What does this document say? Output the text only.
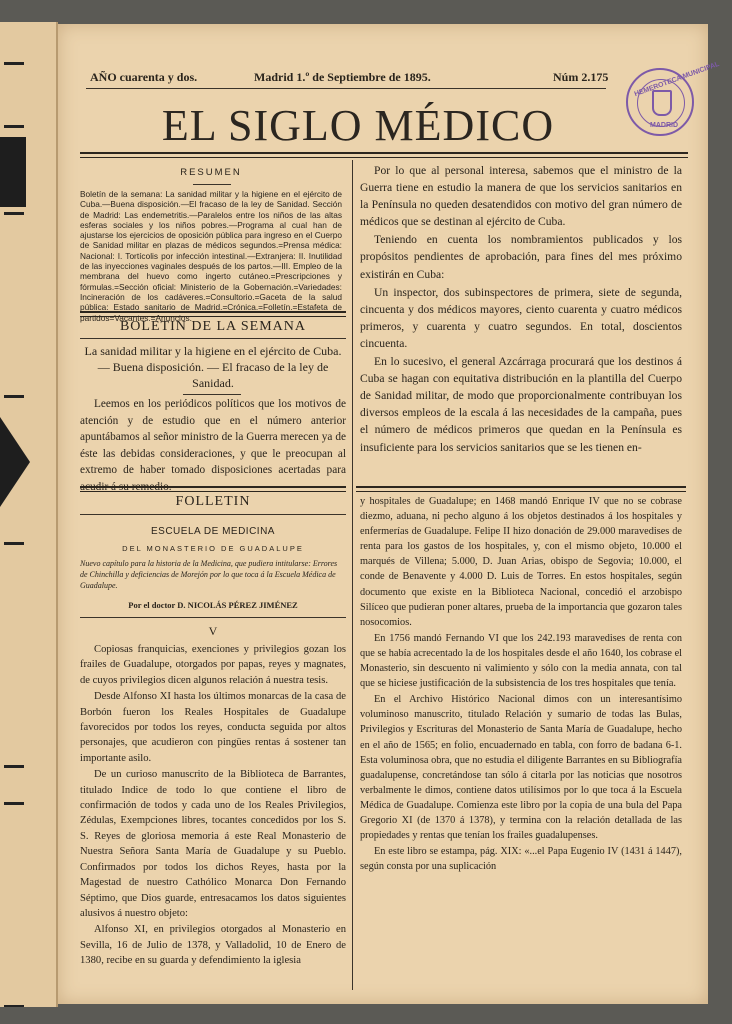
AÑO cuarenta y dos.	Madrid 1.º de Septiembre de 1895.	Núm 2.175
EL SIGLO MÉDICO
HEMEROTECA MUNICIPAL
MADRID
RESUMEN
Boletín de la semana: La sanidad militar y la higiene en el ejército de Cuba.—Buena disposición.—El fracaso de la ley de Sanidad. Sección de Madrid: Las endemetritis.—Paralelos entre los niños de las altas esferas sociales y los niños pobres.—Programa al cual han de ajustarse los ejercicios de oposición pública para ingreso en el Cuerpo de Sanidad militar en plazas de médicos segundos.=Prensa médica: Nacional: I. Tortícolis por infección intestinal.—Extranjera: II. Inutilidad de las inyecciones vaginales después de los partos.—III. Empleo de la membrana del huevo como ingerto cutáneo.=Prescripciones y fórmulas.=Sección oficial: Ministerio de la Gobernación.=Variedades: Incineración de los cadáveres.=Consultorio.=Gaceta de la salud pública: Estado sanitario de Madrid.=Crónica.=Folletín.=Estafeta de partidos=Vacantes.=Anuncios.
BOLETIN DE LA SEMANA
La sanidad militar y la higiene en el ejército de Cuba. — Buena disposición. — El fracaso de la ley de Sanidad.

Leemos en los periódicos políticos que los motivos de atención y de estudio que en el número anterior apuntábamos al señor ministro de la Guerra merecen ya de éste las debidas consideraciones, y que le preocupan al extremo de haber tomado disposiciones acertadas para acudir á su remedio.

FOLLETIN
ESCUELA DE MEDICINA
DEL MONASTERIO DE GUADALUPE
Nuevo capítulo para la historia de la Medicina, que pudiera intitularse: Errores de Chinchilla y deficiencias de Morejón por lo que toca á la Escuela Médica de Guadalupe.
Por el doctor D. NICOLÁS PÉREZ JIMÉNEZ
V

Copiosas franquicias, exenciones y privilegios gozan los frailes de Guadalupe, otorgados por papas, reyes y magnates, de cuyos privilegios dicen algunos relación á nuestra tesis.

Desde Alfonso XI hasta los últimos monarcas de la casa de Borbón fueron los Reales Hospitales de Guadalupe favorecidos por todos los reyes, conducta seguida por altos personajes, que acudieron con pingües rentas á sostener tan importante asilo.

De un curioso manuscrito de la Biblioteca de Barrantes, titulado Indice de todo lo que contiene el libro de confirmación de todos y cada uno de los Reales Privilegios, Zédulas, Exempciones libres, tocantes concedidos por los S. S. Reyes de gloriosa memoria á este Real Monasterio de Nuestra Señora Santa María de Guadalupe y su Pueblo. Confirmados por todos los dichos Reyes, hasta por la Magestad de nuestro Cathólico Monarca Don Fernando Séptimo, que Dios guarde, entresacamos los datos siguientes alusivos á nuestro objeto:

Alfonso XI, en privilegios otorgados al Monasterio en Sevilla, 16 de Julio de 1378, y Valladolid, 10 de Enero de 1380, recibe en su guarda y defendimiento la iglesia

Por lo que al personal interesa, sabemos que el ministro de la Guerra tiene en estudio la manera de que los servicios sanitarios en la Península no queden desatendidos con motivo del gran número de médicos que se destinan al ejército de Cuba.

Teniendo en cuenta los nombramientos publicados y los propósitos pendientes de aprobación, para fines del mes próximo existirán en Cuba:

Un inspector, dos subinspectores de primera, siete de segunda, cincuenta y dos médicos mayores, ciento cuarenta y cuatro médicos primeros, y cuarenta y cuatro segundos. En total, doscientos cincuenta.

En lo sucesivo, el general Azcárraga procurará que los destinos á Cuba se hagan con equitativa distribución en la plantilla del Cuerpo de Sanidad militar, de modo que proporcionalmente contribuyan los diversos empleos de la escala á las necesidades de la campaña, pues el número de médicos primeros que quedan en la Península es insuficiente para los servicios sanitarios que se les tienen en-

y hospitales de Guadalupe; en 1468 mandó Enrique IV que no se cobrase diezmo, aduana, ni pecho alguno á los objetos destinados á los hospitales y enfermerías de Guadalupe. Felipe II hizo donación de 29.000 maravedises de renta para los gastos de los hospitales, y, con el mismo objeto, 10.000 el marqués de Villena; 5.000, D. Juan Arias, obispo de Segovia; 10.000, el conde de Benavente y 4.000 D. Luis de Torres. En estos hospitales, según documento que existe en la Biblioteca Nacional, concedió el arzobispo Silíceo que pudieran poner altares, prueba de la importancia que gozaron tales nosocomios.

En 1756 mandó Fernando VI que los 242.193 maravedises de renta con que se había acrecentado la de los hospitales desde el año 1640, los cobrase el Monasterio, sin descuento ni valimiento y sólo con la media annata, con tal que se hiciese justificación de la subsistencia de los tres hospitales que tenía.

En el Archivo Histórico Nacional dimos con un interesantísimo voluminoso manuscrito, titulado Relación y sumario de todas las Bulas, Privilegios y Escrituras del Monasterio de Santa María de Guadalupe, hecho en el año de 1565; en folio, encuadernado en tabla, con forro de badana 6-1. Esta voluminosa obra, que no estudia el diligente Barrantes en su Bibliografía guadalupense, concretándose tan sólo á citarla por las noticias que nosotros verbalmente le dimos, contiene datos utilísimos por lo que toca á la Escuela Médica de Guadalupe. Comienza este libro por la copia de una bula del Papa Gregorio XI (de 1370 á 1378), y termina con la relación detallada de las propiedades y rentas que tenían los frailes guadalupenses.

En este libro se estampa, pág. XIX: «...el Papa Eugenio IV (1431 á 1447), según consta por una suplicación
